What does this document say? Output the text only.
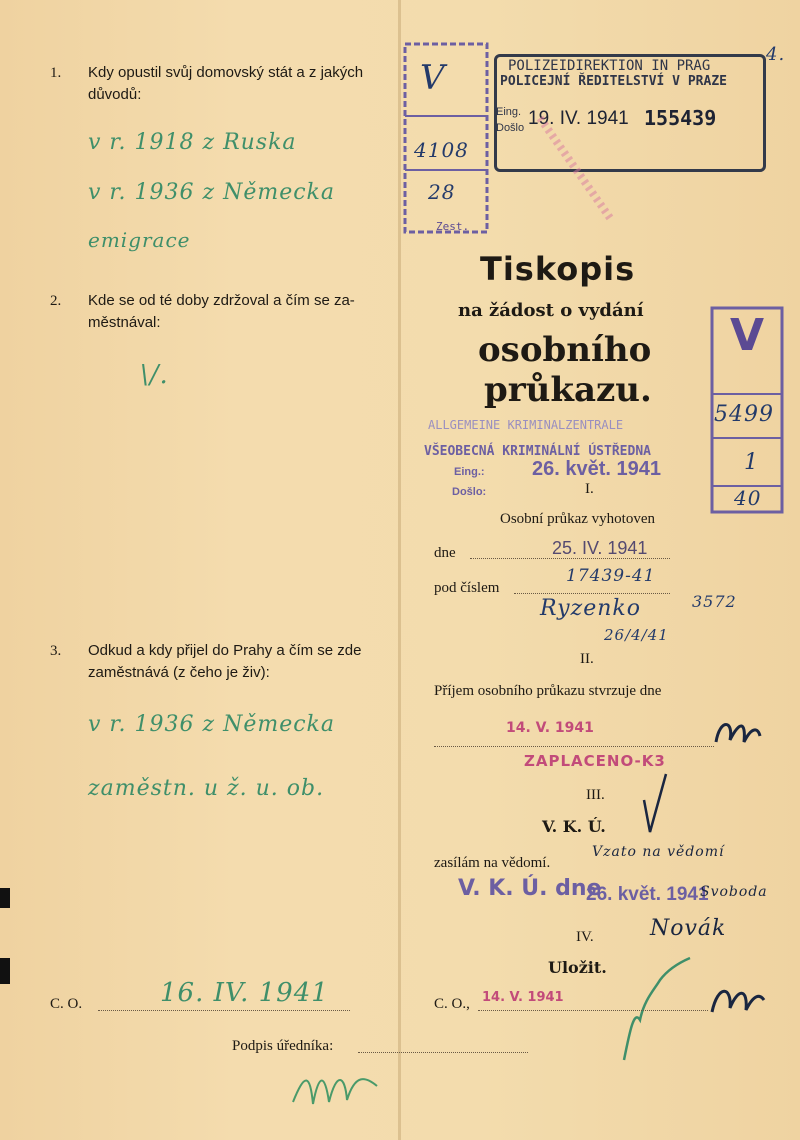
1. Kdy opustil svůj domovský stát a z jakých
důvodů:
v r. 1918 z Ruska
v r. 1936 z Německa
emigrace
2. Kde se od té doby zdržoval a čím se za-
městnával:
\/.
3. Odkud a kdy přijel do Prahy a čím se zde
zaměstnává (z čeho je živ):
v r. 1936 z Německa
zaměstn. u ž. u. ob.
C. O.	16. IV. 1941
Podpis úředníka:
V
4108
28
Zest.
POLIZEIDIREKTION IN PRAG
POLICEJNÍ ŘEDITELSTVÍ V PRAZE
Eing.
Došlo 19. IV. 1941 155439
4.
Tiskopis
na žádost o vydání
osobního
průkazu.
V
5499
1
40
ALLGEMEINE KRIMINALZENTRALE
VŠEOBECNÁ KRIMINÁLNÍ ÚSTŘEDNA
Eing.:
Došlo:
26. květ. 1941
I.
Osobní průkaz vyhotoven
dne	25. IV. 1941
pod číslem
17439-41
Ryzenko	3572
26/4/41
II.
Příjem osobního průkazu stvrzuje dne
14. V. 1941
ZAPLACENO-K3
III.
V. K. Ú.
zasílám na vědomí.
Vzato na vědomí
V. K. Ú. dne
26. květ. 1941
Svoboda
IV.	Novák
Uložit.
C. O., 14. V. 1941
